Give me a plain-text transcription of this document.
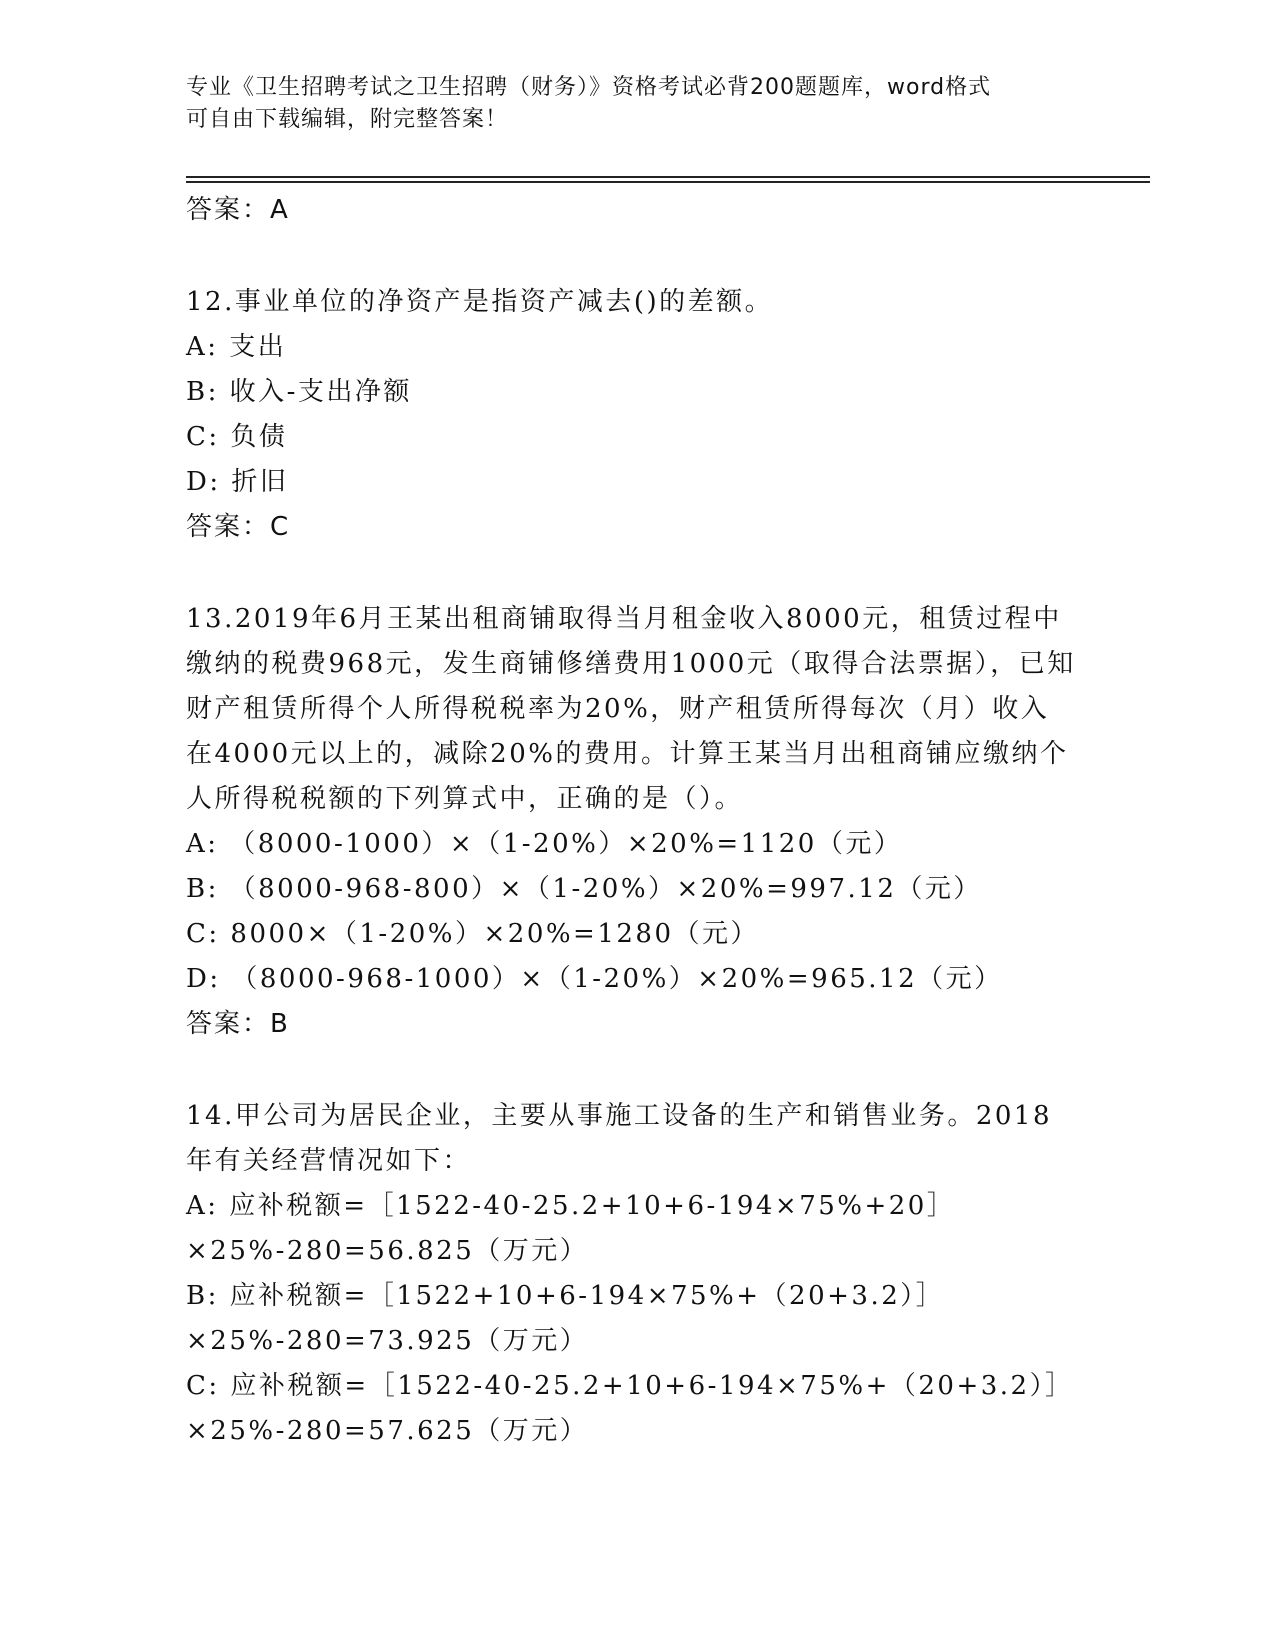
专业《卫生招聘考试之卫生招聘（财务）》资格考试必背200题题库，word格式
可自由下载编辑，附完整答案！
答案：A
12.事业单位的净资产是指资产减去()的差额。
A: 支出
B: 收入-支出净额
C: 负债
D: 折旧
答案：C
13.2019年6月王某出租商铺取得当月租金收入8000元，租赁过程中缴纳的税费968元，发生商铺修缮费用1000元（取得合法票据），已知财产租赁所得个人所得税税率为20%，财产租赁所得每次（月）收入在4000元以上的，减除20%的费用。计算王某当月出租商铺应缴纳个人所得税税额的下列算式中，正确的是（）。
A: （8000-1000）×（1-20%）×20%=1120（元）
B: （8000-968-800）×（1-20%）×20%=997.12（元）
C: 8000×（1-20%）×20%=1280（元）
D: （8000-968-1000）×（1-20%）×20%=965.12（元）
答案：B
14.甲公司为居民企业，主要从事施工设备的生产和销售业务。2018年有关经营情况如下：
A: 应补税额=［1522-40-25.2+10+6-194×75%+20］×25%-280=56.825（万元）
B: 应补税额=［1522+10+6-194×75%+（20+3.2）］×25%-280=73.925（万元）
C: 应补税额=［1522-40-25.2+10+6-194×75%+（20+3.2）］×25%-280=57.625（万元）
